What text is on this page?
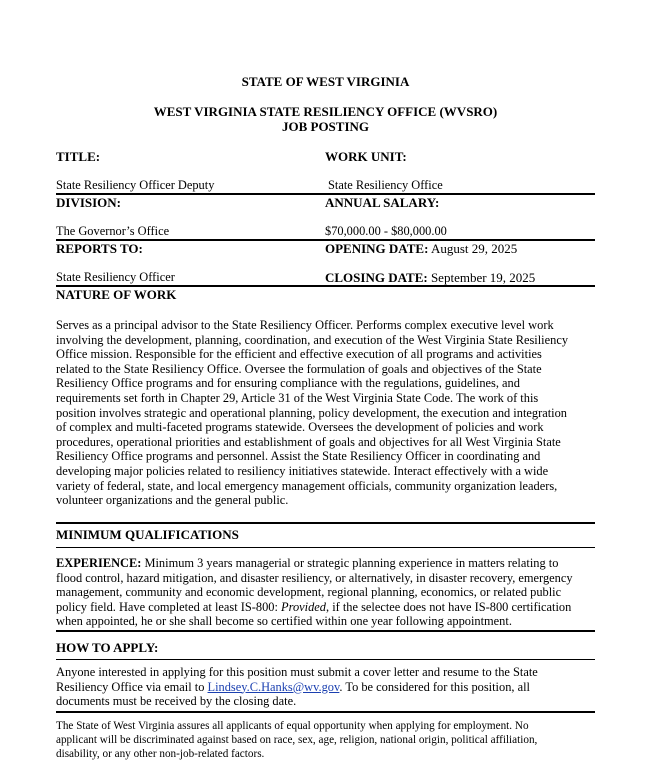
STATE OF WEST VIRGINIA
WEST VIRGINIA STATE RESILIENCY OFFICE (WVSRO)
JOB POSTING
TITLE:	WORK UNIT:
State Resiliency Officer Deputy	State Resiliency Office
DIVISION:	ANNUAL SALARY:
The Governor’s Office	$70,000.00 - $80,000.00
REPORTS TO:	OPENING DATE: August 29, 2025
State Resiliency Officer	CLOSING DATE: September 19, 2025
NATURE OF WORK
Serves as a principal advisor to the State Resiliency Officer. Performs complex executive level work
involving the development, planning, coordination, and execution of the West Virginia State Resiliency
Office mission. Responsible for the efficient and effective execution of all programs and activities
related to the State Resiliency Office. Oversee the formulation of goals and objectives of the State
Resiliency Office programs and for ensuring compliance with the regulations, guidelines, and
requirements set forth in Chapter 29, Article 31 of the West Virginia State Code. The work of this
position involves strategic and operational planning, policy development, the execution and integration
of complex and multi-faceted programs statewide. Oversees the development of policies and work
procedures, operational priorities and establishment of goals and objectives for all West Virginia State
Resiliency Office programs and personnel. Assist the State Resiliency Officer in coordinating and
developing major policies related to resiliency initiatives statewide. Interact effectively with a wide
variety of federal, state, and local emergency management officials, community organization leaders,
volunteer organizations and the general public.
MINIMUM QUALIFICATIONS
EXPERIENCE: Minimum 3 years managerial or strategic planning experience in matters relating to
flood control, hazard mitigation, and disaster resiliency, or alternatively, in disaster recovery, emergency
management, community and economic development, regional planning, economics, or related public
policy field. Have completed at least IS-800: Provided, if the selectee does not have IS-800 certification
when appointed, he or she shall become so certified within one year following appointment.
HOW TO APPLY:
Anyone interested in applying for this position must submit a cover letter and resume to the State
Resiliency Office via email to Lindsey.C.Hanks@wv.gov. To be considered for this position, all
documents must be received by the closing date.
The State of West Virginia assures all applicants of equal opportunity when applying for employment. No
applicant will be discriminated against based on race, sex, age, religion, national origin, political affiliation,
disability, or any other non-job-related factors.
